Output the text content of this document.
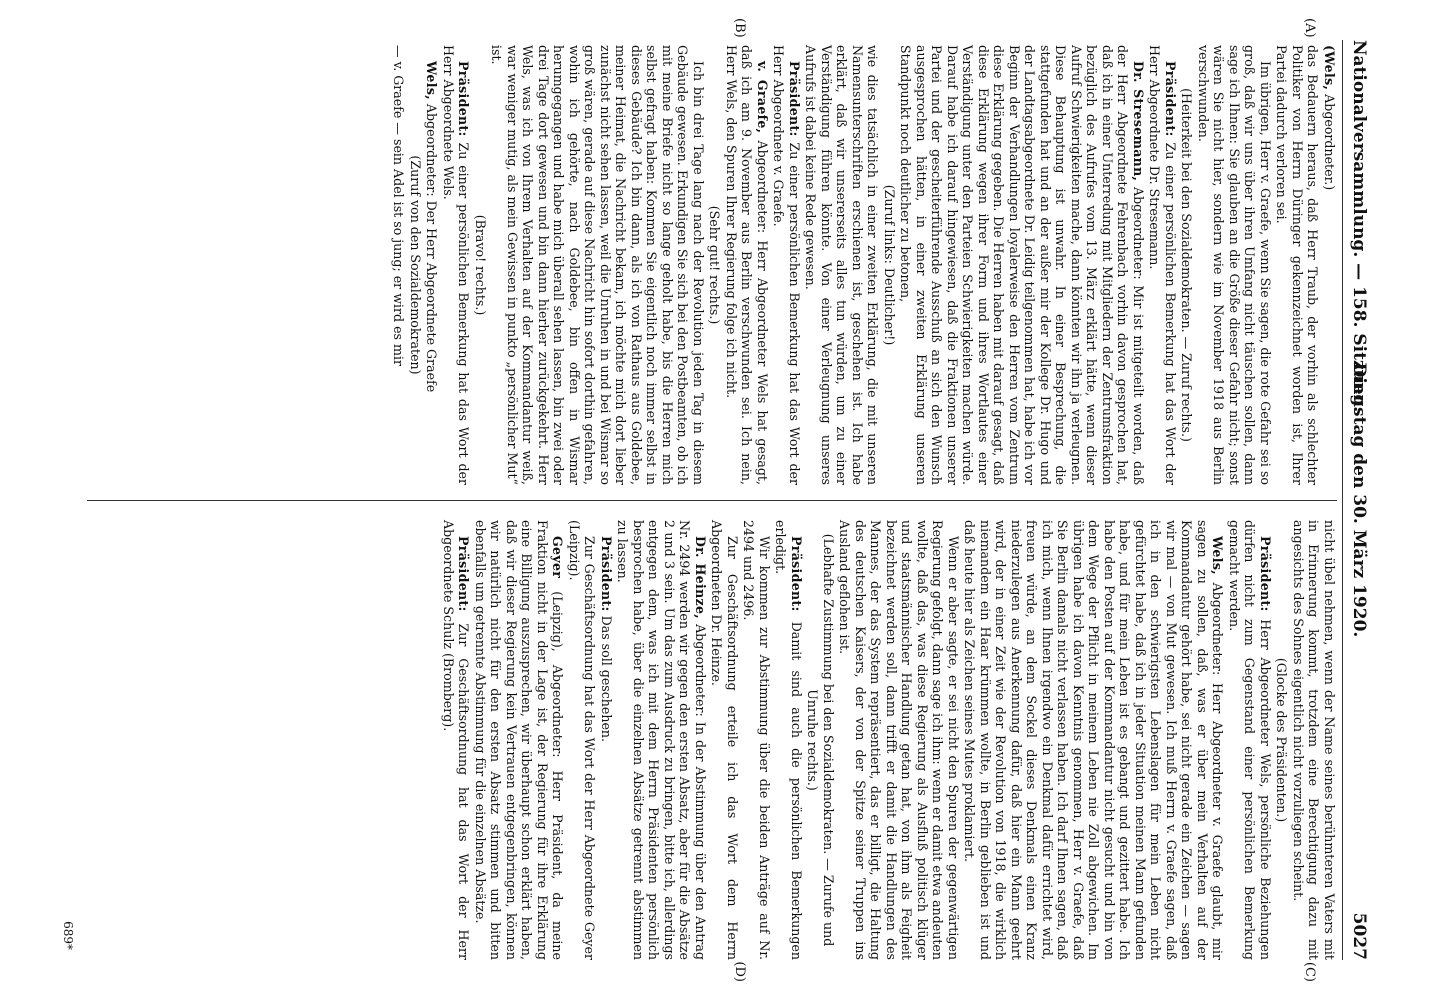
Nationalversammlung. — 158. Sitzung.
Dienstag den 30. März 1920.
5027
(A)
(B)
(C)
(D)

(Wels, Abgeordneter.)

das Bedauern heraus, daß Herr Traub, der vorhin als schlechter Politiker von Herrn Düringer gekennzeichnet worden ist, Ihrer Partei dadurch verloren sei.

Im übrigen, Herr v. Graefe, wenn Sie sagen, die rote Gefahr sei so groß, daß wir uns über ihren Umfang nicht täuschen sollen, dann sage ich Ihnen: Sie glauben an die Größe dieser Gefahr nicht; sonst wären Sie nicht hier, sondern wie im November 1918 aus Berlin verschwunden.

(Heiterkeit bei den Sozialdemokraten. — Zuruf rechts.)

Präsident: Zu einer persönlichen Bemerkung hat das Wort der Herr Abgeordnete Dr. Stresemann.

Dr. Stresemann, Abgeordneter: Mir ist mitgeteilt worden, daß der Herr Abgeordnete Fehrenbach vorhin davon gesprochen hat, daß ich in einer Unterredung mit Mitgliedern der Zentrumsfraktion bezüglich des Aufrufes vom 13. März erklärt hätte, wenn dieser Aufruf Schwierigkeiten mache, dann könnten wir ihn ja verleugnen. Diese Behauptung ist unwahr. In einer Besprechung, die stattgefunden hat und an der außer mir der Kollege Dr. Hugo und der Landtagsabgeordnete Dr. Leidig teilgenommen hat, habe ich vor Beginn der Verhandlungen loyalerweise den Herren vom Zentrum diese Erklärung gegeben. Die Herren haben mit darauf gesagt, daß diese Erklärung wegen ihrer Form und ihres Wortlautes einer Verständigung unter den Parteien Schwierigkeiten machen würde. Darauf habe ich darauf hingewiesen, daß die Fraktionen unserer Partei und der gescheiterführende Ausschuß an sich den Wunsch ausgesprochen hätten, in einer zweiten Erklärung unseren Standpunkt noch deutlicher zu betonen,

(Zuruf links: Deutlicher!)

wie dies tatsächlich in einer zweiten Erklärung, die mit unseren Namensunterschriften erschienen ist, geschehen ist. Ich habe erklärt, daß wir unsererseits alles tun würden, um zu einer Verständigung führen könnte. Von einer Verleugnung unseres Aufrufs ist dabei keine Rede gewesen.

Präsident: Zu einer persönlichen Bemerkung hat das Wort der Herr Abgeordnete v. Graefe.

v. Graefe, Abgeordneter: Herr Abgeordneter Wels hat gesagt, daß ich am 9. November aus Berlin verschwunden sei. Ich nein, Herr Wels, den Spuren Ihrer Regierung folge ich nicht.

(Sehr gut! rechts.)

Ich bin drei Tage lang nach der Revolution jeden Tag in diesem Gebäude gewesen. Erkundigen Sie sich bei den Postbeamten, ob ich mit meine Briefe nicht so lange geholt habe, bis die Herren mich selbst gefragt haben: Kommen Sie eigentlich noch immer selbst in dieses Gebäude? Ich bin dann, als ich von Rathaus aus Goldebee, meiner Heimat, die Nachricht bekam, ich möchte mich dort lieber zunächst nicht sehen lassen, weil die Unruhen in und bei Wismar so groß wären, gerade auf diese Nachricht hin sofort dorthin gefahren, wohin ich gehörte, nach Goldebee, bin offen in Wismar herumgegangen und habe mich überall sehen lassen, bin zwei oder drei Tage dort gewesen und bin dann hierher zurückgekehrt. Herr Wels, was ich von Ihrem Verhalten auf der Kommandantur weiß, war weniger mutig, als mein Gewissen in punkto „persönlicher Mut“ ist.

(Bravo! rechts.)

Präsident: Zu einer persönlichen Bemerkung hat das Wort der Herr Abgeordnete Wels.

Wels, Abgeordneter: Der Herr Abgeordnete Graefe

(Zuruf von den Sozialdemokraten)

— v. Graefe — sein Adel ist so jung; er wird es mir

nicht übel nehmen, wenn der Name seines berühmteren Vaters mit in Erinnerung kommt, trotzdem eine Berechtigung dazu mit angesichts des Sohnes eigentlich nicht vorzuliegen scheint.

(Glocke des Präsidenten.)

Präsident: Herr Abgeordneter Wels, persönliche Beziehungen dürfen nicht zum Gegenstand einer persönlichen Bemerkung gemacht werden.

Wels, Abgeordneter: Herr Abgeordneter v. Graefe glaubt, mir sagen zu sollen, daß, was er über mein Verhalten auf der Kommandantur gehört habe, sei nicht gerade ein Zeichen — sagen wir mal — von Mut gewesen. Ich muß Herrn v. Graefe sagen, daß ich in den schwierigsten Lebenslagen für mein Leben nicht gefürchtet habe, daß ich in jeder Situation meinen Mann gefunden habe, und für mein Leben ist es gebangt und gezittert habe. Ich habe den Posten auf der Kommandantur nicht gesucht und bin von dem Wege der Pflicht in meinem Leben nie Zoll abgewichen. Im übrigen habe ich davon Kenntnis genommen, Herr v. Graefe, daß Sie Berlin damals nicht verlassen haben. Ich darf Ihnen sagen, daß ich mich, wenn Ihnen irgendwo ein Denkmal dafür errichtet wird, freuen würde, an dem Sockel dieses Denkmals einen Kranz niederzulegen aus Anerkennung dafür, daß hier ein Mann geehrt wird, der in einer Zeit wie der Revolution von 1918, die wirklich niemandem ein Haar krümmen wollte, in Berlin geblieben ist und daß heute hier als Zeichen seines Mutes proklamiert.

Wenn er aber sagte, er sei nicht den Spuren der gegenwärtigen Regierung gefolgt, dann sage ich ihm: wenn er damit etwa andeuten wollte, daß das, was diese Regierung als Ausfluß politisch klüger und staatsmännischer Handlung getan hat, von ihm als Feigheit bezeichnet werden soll, dann trifft er damit die Handlungen des Mannes, der das System repräsentiert, das er billigt, die Haltung des deutschen Kaisers, der von der Spitze seiner Truppen ins Ausland geflohen ist.

(Lebhafte Zustimmung bei den Sozialdemokraten. — Zurufe und Unruhe rechts.)

Präsident: Damit sind auch die persönlichen Bemerkungen erledigt.

Wir kommen zur Abstimmung über die beiden Anträge auf Nr. 2494 und 2496.

Zur Geschäftsordnung erteile ich das Wort dem Herrn Abgeordneten Dr. Heinze.

Dr. Heinze, Abgeordneter: In der Abstimmung über den Antrag Nr. 2494 werden wir gegen den ersten Absatz, aber für die Absätze 2 und 3 sein. Um das zum Ausdruck zu bringen, bitte ich, allerdings entgegen dem, was ich mit dem Herrn Präsidenten persönlich besprochen habe, über die einzelnen Absätze getrennt abstimmen zu lassen.

Präsident: Das soll geschehen.

Zur Geschäftsordnung hat das Wort der Herr Abgeordnete Geyer (Leipzig).

Geyer (Leipzig), Abgeordneter: Herr Präsident, da meine Fraktion nicht in der Lage ist, der Regierung für ihre Erklärung eine Billigung auszusprechen, wir überhaupt schon erklärt haben, daß wir dieser Regierung kein Vertrauen entgegenbringen, können wir natürlich nicht für den ersten Absatz stimmen und bitten ebenfalls um getrennte Abstimmung für die einzelnen Absätze.

Präsident: Zur Geschäftsordnung hat das Wort der Herr Abgeordnete Schulz (Bromberg).

689*
